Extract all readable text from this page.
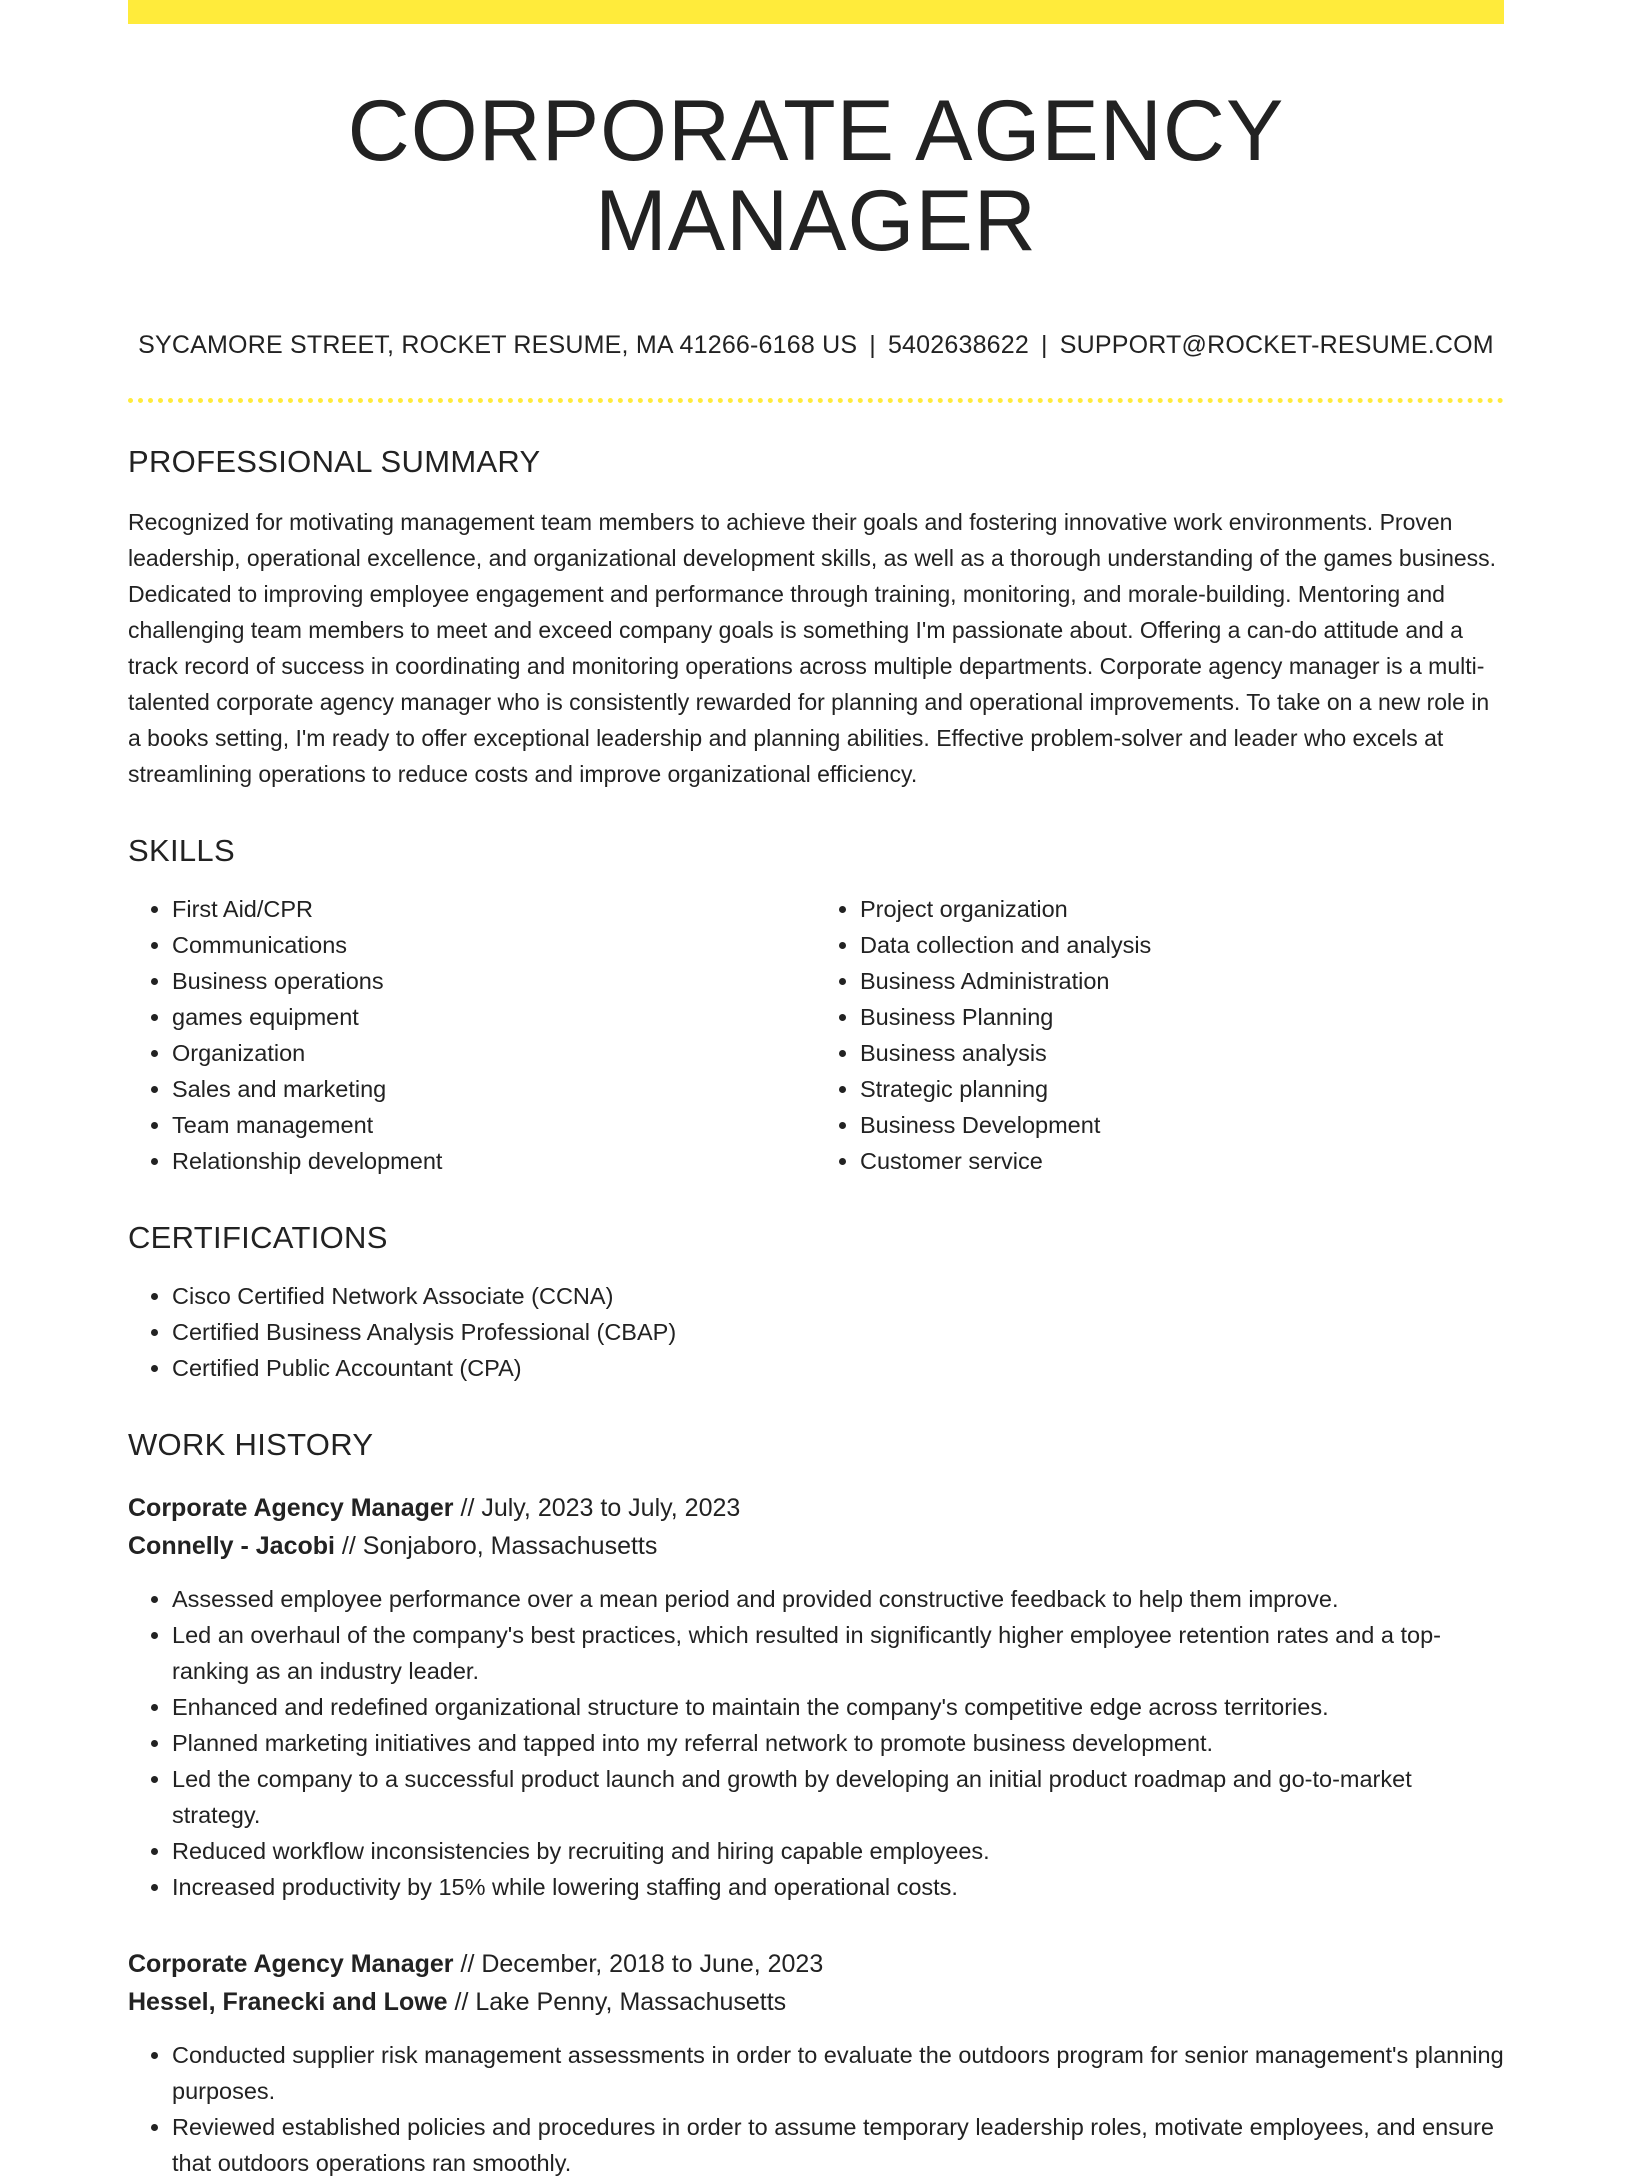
CORPORATE AGENCY MANAGER
SYCAMORE STREET, ROCKET RESUME, MA 41266-6168 US | 5402638622 | SUPPORT@ROCKET-RESUME.COM
PROFESSIONAL SUMMARY
Recognized for motivating management team members to achieve their goals and fostering innovative work environments. Proven leadership, operational excellence, and organizational development skills, as well as a thorough understanding of the games business. Dedicated to improving employee engagement and performance through training, monitoring, and morale-building. Mentoring and challenging team members to meet and exceed company goals is something I'm passionate about. Offering a can-do attitude and a track record of success in coordinating and monitoring operations across multiple departments. Corporate agency manager is a multi-talented corporate agency manager who is consistently rewarded for planning and operational improvements. To take on a new role in a books setting, I'm ready to offer exceptional leadership and planning abilities. Effective problem-solver and leader who excels at streamlining operations to reduce costs and improve organizational efficiency.
SKILLS
• First Aid/CPR
• Communications
• Business operations
• games equipment
• Organization
• Sales and marketing
• Team management
• Relationship development
• Project organization
• Data collection and analysis
• Business Administration
• Business Planning
• Business analysis
• Strategic planning
• Business Development
• Customer service
CERTIFICATIONS
• Cisco Certified Network Associate (CCNA)
• Certified Business Analysis Professional (CBAP)
• Certified Public Accountant (CPA)
WORK HISTORY
Corporate Agency Manager // July, 2023 to July, 2023
Connelly - Jacobi // Sonjaboro, Massachusetts
• Assessed employee performance over a mean period and provided constructive feedback to help them improve.
• Led an overhaul of the company's best practices, which resulted in significantly higher employee retention rates and a top-ranking as an industry leader.
• Enhanced and redefined organizational structure to maintain the company's competitive edge across territories.
• Planned marketing initiatives and tapped into my referral network to promote business development.
• Led the company to a successful product launch and growth by developing an initial product roadmap and go-to-market strategy.
• Reduced workflow inconsistencies by recruiting and hiring capable employees.
• Increased productivity by 15% while lowering staffing and operational costs.
Corporate Agency Manager // December, 2018 to June, 2023
Hessel, Franecki and Lowe // Lake Penny, Massachusetts
• Conducted supplier risk management assessments in order to evaluate the outdoors program for senior management's planning purposes.
• Reviewed established policies and procedures in order to assume temporary leadership roles, motivate employees, and ensure that outdoors operations ran smoothly.
